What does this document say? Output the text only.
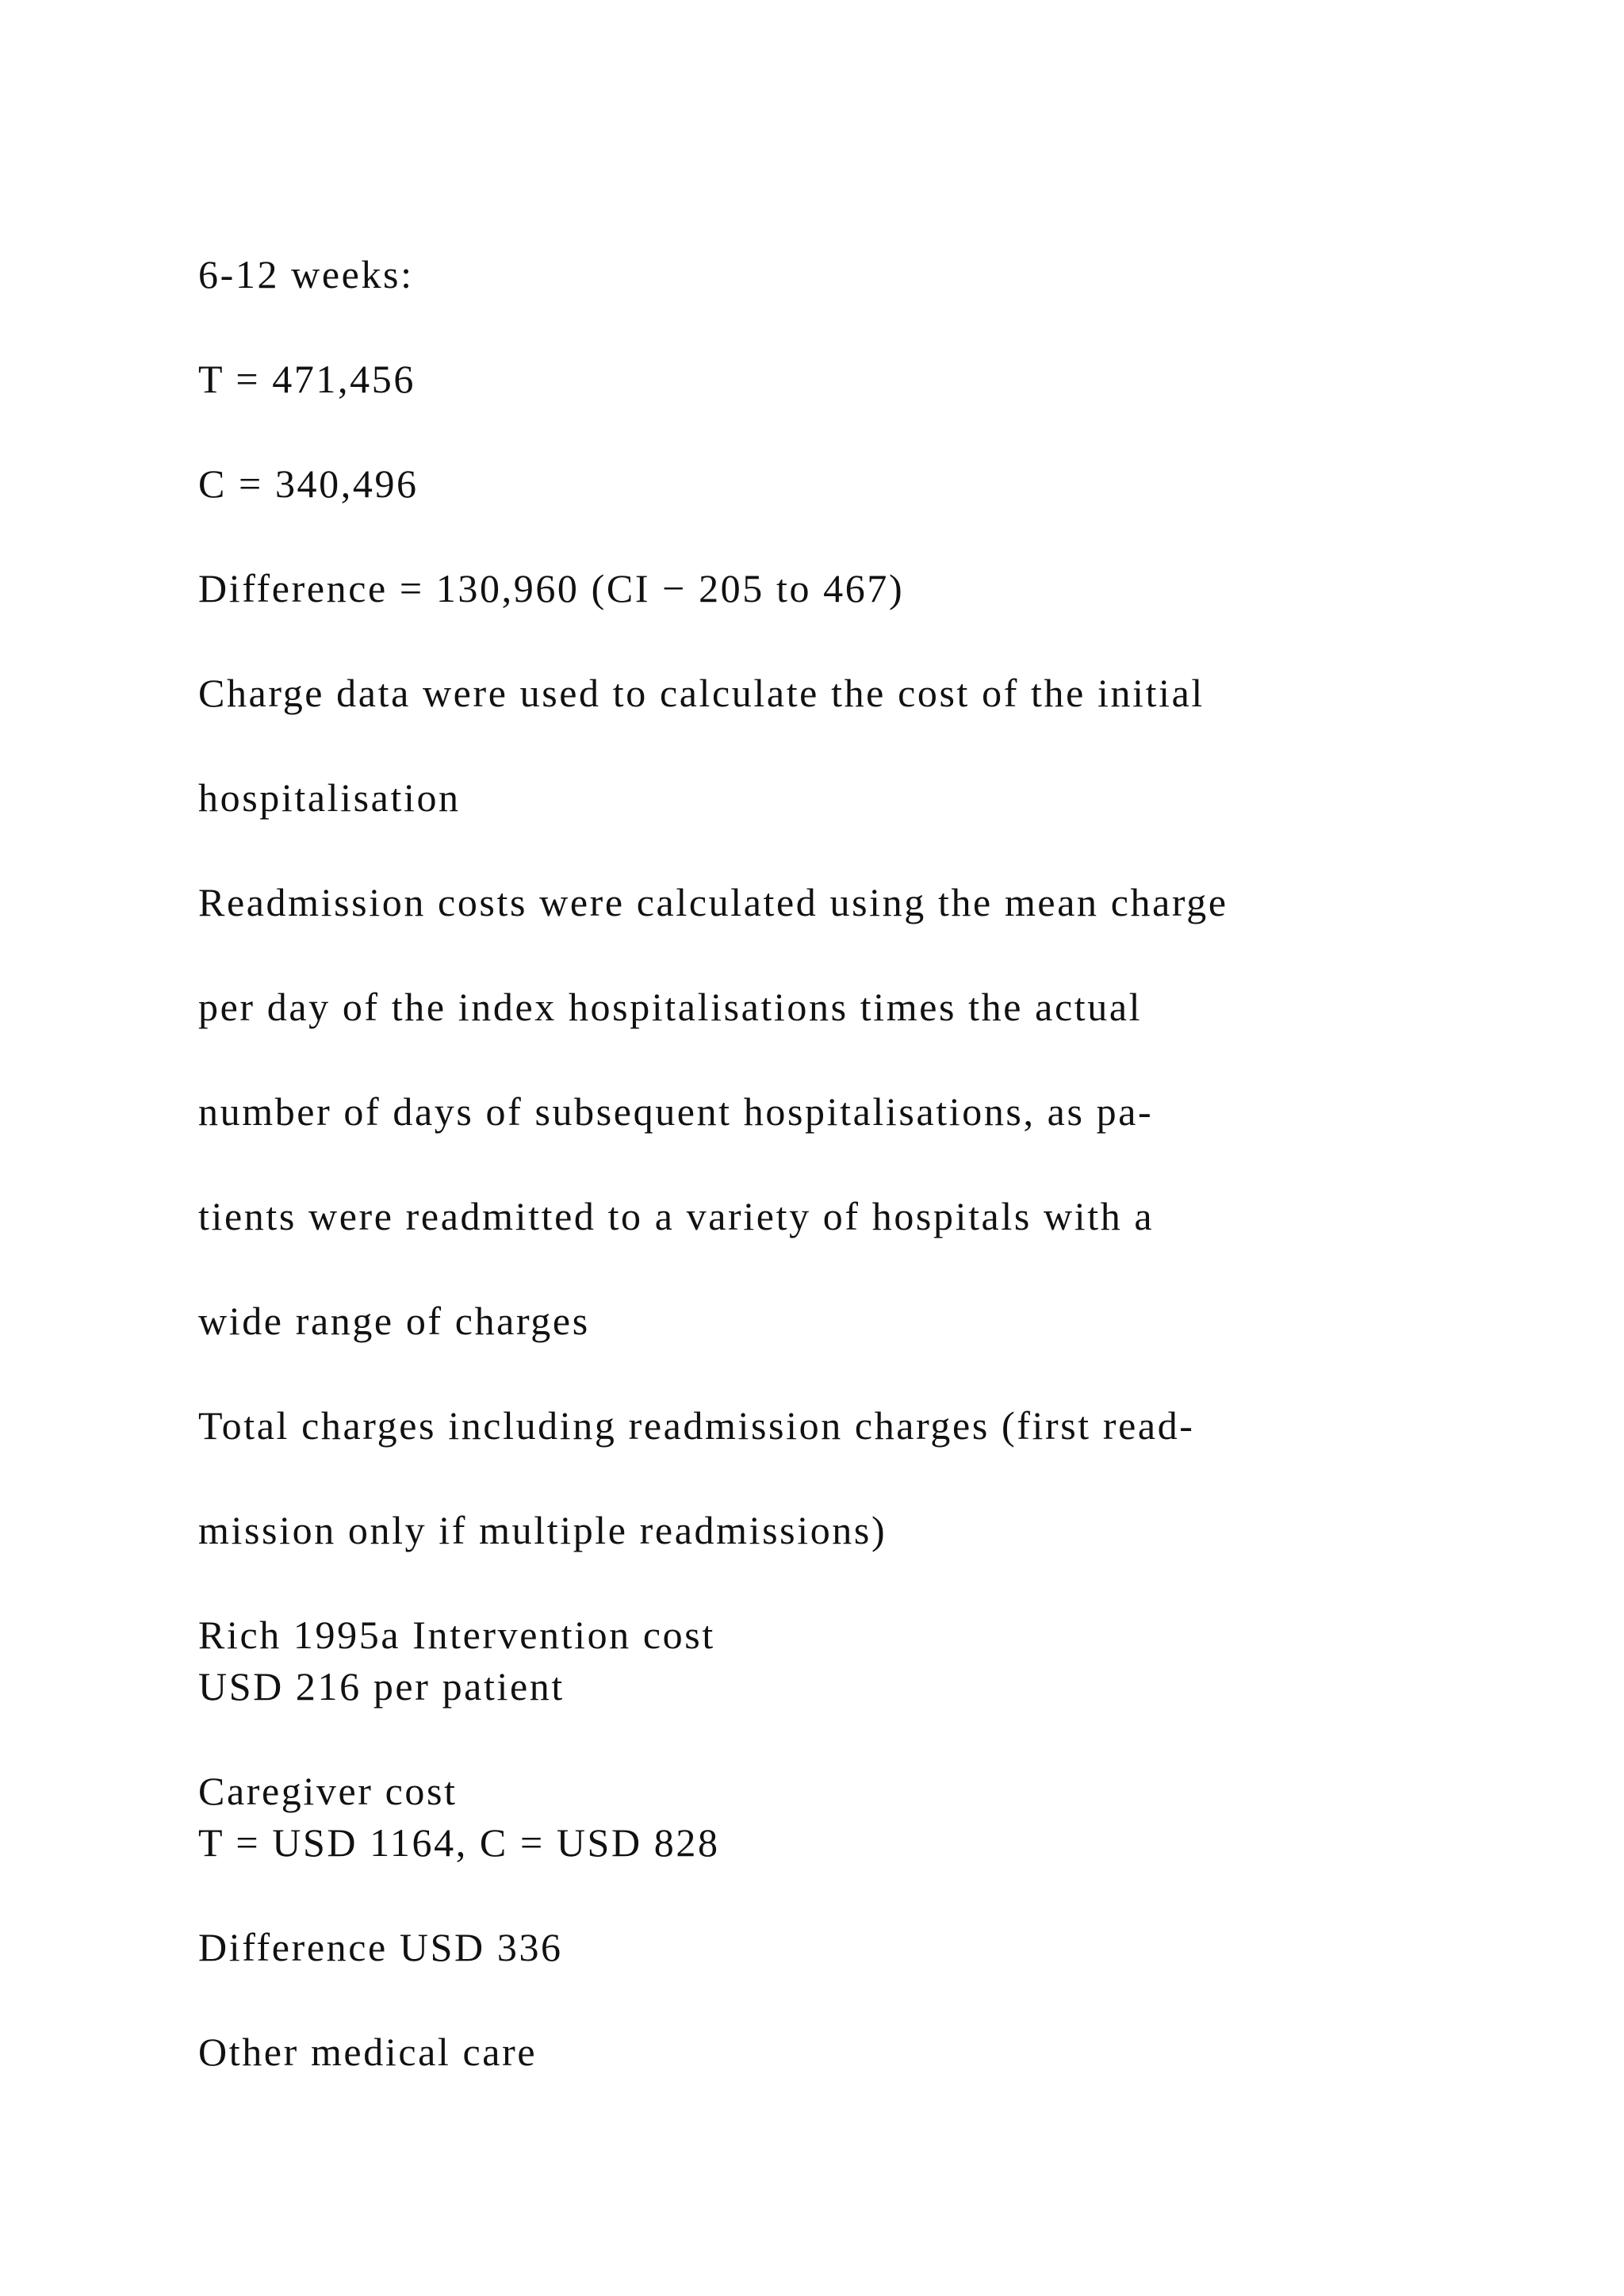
6-12 weeks:

T = 471,456

C = 340,496

Difference = 130,960 (CI − 205 to 467)

Charge data were used to calculate the cost of the initial

hospitalisation

Readmission costs were calculated using the mean charge

per day of the index hospitalisations times the actual

number of days of subsequent hospitalisations, as pa-

tients were readmitted to a variety of hospitals with a

wide range of charges

Total charges including readmission charges (first read-

mission only if multiple readmissions)

Rich 1995a Intervention cost

USD 216 per patient

Caregiver cost

T = USD 1164, C = USD 828

Difference USD 336

Other medical care
